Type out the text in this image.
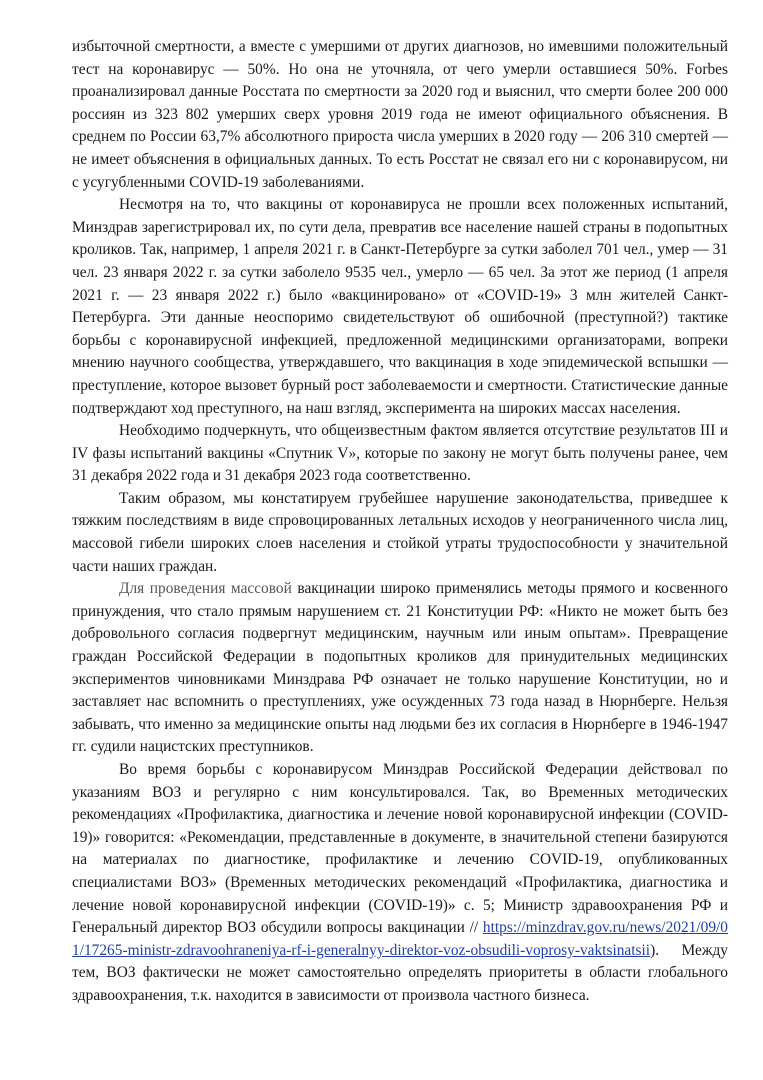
избыточной смертности, а вместе с умершими от других диагнозов, но имевшими положительный тест на коронавирус — 50%. Но она не уточняла, от чего умерли оставшиеся 50%. Forbes проанализировал данные Росстата по смертности за 2020 год и выяснил, что смерти более 200 000 россиян из 323 802 умерших сверх уровня 2019 года не имеют официального объяснения. В среднем по России 63,7% абсолютного прироста числа умерших в 2020 году — 206 310 смертей — не имеет объяснения в официальных данных. То есть Росстат не связал его ни с коронавирусом, ни с усугубленными COVID-19 заболеваниями.

Несмотря на то, что вакцины от коронавируса не прошли всех положенных испытаний, Минздрав зарегистрировал их, по сути дела, превратив все население нашей страны в подопытных кроликов. Так, например, 1 апреля 2021 г. в Санкт-Петербурге за сутки заболел 701 чел., умер — 31 чел. 23 января 2022 г. за сутки заболело 9535 чел., умерло — 65 чел. За этот же период (1 апреля 2021 г. — 23 января 2022 г.) было «вакцинировано» от «COVID-19» 3 млн жителей Санкт-Петербурга. Эти данные неоспоримо свидетельствуют об ошибочной (преступной?) тактике борьбы с коронавирусной инфекцией, предложенной медицинскими организаторами, вопреки мнению научного сообщества, утверждавшего, что вакцинация в ходе эпидемической вспышки — преступление, которое вызовет бурный рост заболеваемости и смертности. Статистические данные подтверждают ход преступного, на наш взгляд, эксперимента на широких массах населения.

Необходимо подчеркнуть, что общеизвестным фактом является отсутствие результатов III и IV фазы испытаний вакцины «Спутник V», которые по закону не могут быть получены ранее, чем 31 декабря 2022 года и 31 декабря 2023 года соответственно.

Таким образом, мы констатируем грубейшее нарушение законодательства, приведшее к тяжким последствиям в виде спровоцированных летальных исходов у неограниченного числа лиц, массовой гибели широких слоев населения и стойкой утраты трудоспособности у значительной части наших граждан.

Для проведения массовой вакцинации широко применялись методы прямого и косвенного принуждения, что стало прямым нарушением ст. 21 Конституции РФ: «Никто не может быть без добровольного согласия подвергнут медицинским, научным или иным опытам». Превращение граждан Российской Федерации в подопытных кроликов для принудительных медицинских экспериментов чиновниками Минздрава РФ означает не только нарушение Конституции, но и заставляет нас вспомнить о преступлениях, уже осужденных 73 года назад в Нюрнберге. Нельзя забывать, что именно за медицинские опыты над людьми без их согласия в Нюрнберге в 1946-1947 гг. судили нацистских преступников.

Во время борьбы с коронавирусом Минздрав Российской Федерации действовал по указаниям ВОЗ и регулярно с ним консультировался. Так, во Временных методических рекомендациях «Профилактика, диагностика и лечение новой коронавирусной инфекции (COVID-19)» говорится: «Рекомендации, представленные в документе, в значительной степени базируются на материалах по диагностике, профилактике и лечению COVID-19, опубликованных специалистами ВОЗ» (Временных методических рекомендаций «Профилактика, диагностика и лечение новой коронавирусной инфекции (COVID-19)» с. 5; Министр здравоохранения РФ и Генеральный директор ВОЗ обсудили вопросы вакцинации // https://minzdrav.gov.ru/news/2021/09/01/17265-ministr-zdravoohraneniya-rf-i-generalnyy-direktor-voz-obsudili-voprosy-vaktsinatsii). Между тем, ВОЗ фактически не может самостоятельно определять приоритеты в области глобального здравоохранения, т.к. находится в зависимости от произвола частного бизнеса.
